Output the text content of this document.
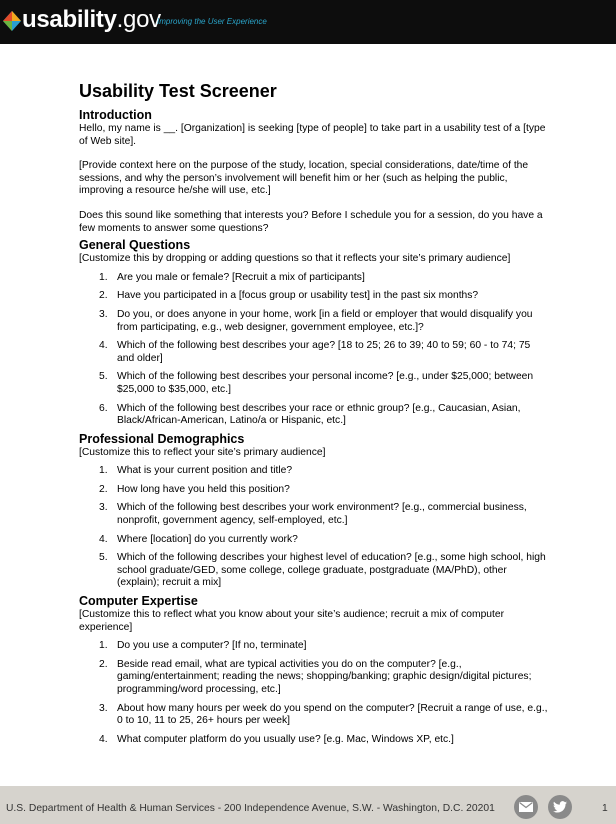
usability.gov
Improving the User Experience
Usability Test Screener
Introduction

Hello, my name is __. [Organization] is seeking [type of people] to take part in a usability test of a [type of Web site].

[Provide context here on the purpose of the study, location, special considerations, date/time of the sessions, and why the person’s involvement will benefit him or her (such as helping the public, improving a resource he/she will use, etc.]

Does this sound like something that interests you? Before I schedule you for a session, do you have a few moments to answer some questions?

General Questions

[Customize this by dropping or adding questions so that it reflects your site’s primary audience]

1. Are you male or female? [Recruit a mix of participants]
2. Have you participated in a [focus group or usability test] in the past six months?
3. Do you, or does anyone in your home, work [in a field or employer that would disqualify you from participating, e.g., web designer, government employee, etc.]?
4. Which of the following best describes your age? [18 to 25; 26 to 39; 40 to 59; 60 - to 74; 75 and older]
5. Which of the following best describes your personal income? [e.g., under $25,000; between $25,000 to $35,000, etc.]
6. Which of the following best describes your race or ethnic group? [e.g., Caucasian, Asian, Black/African-American, Latino/a or Hispanic, etc.]
Professional Demographics

[Customize this to reflect your site’s primary audience]

1. What is your current position and title?
2. How long have you held this position?
3. Which of the following best describes your work environment? [e.g., commercial business, nonprofit, government agency, self-employed, etc.]
4. Where [location] do you currently work?
5. Which of the following describes your highest level of education? [e.g., some high school, high school graduate/GED, some college, college graduate, postgraduate (MA/PhD), other (explain); recruit a mix]
Computer Expertise

[Customize this to reflect what you know about your site’s audience; recruit a mix of computer experience]

1. Do you use a computer? [If no, terminate]
2. Beside read email, what are typical activities you do on the computer? [e.g., gaming/entertainment; reading the news; shopping/banking; graphic design/digital pictures; programming/word processing, etc.]
3. About how many hours per week do you spend on the computer? [Recruit a range of use, e.g., 0 to 10, 11 to 25, 26+ hours per week]
4. What computer platform do you usually use? [e.g. Mac, Windows XP, etc.]
U.S. Department of Health & Human Services - 200 Independence Avenue, S.W. - Washington, D.C. 20201	1
